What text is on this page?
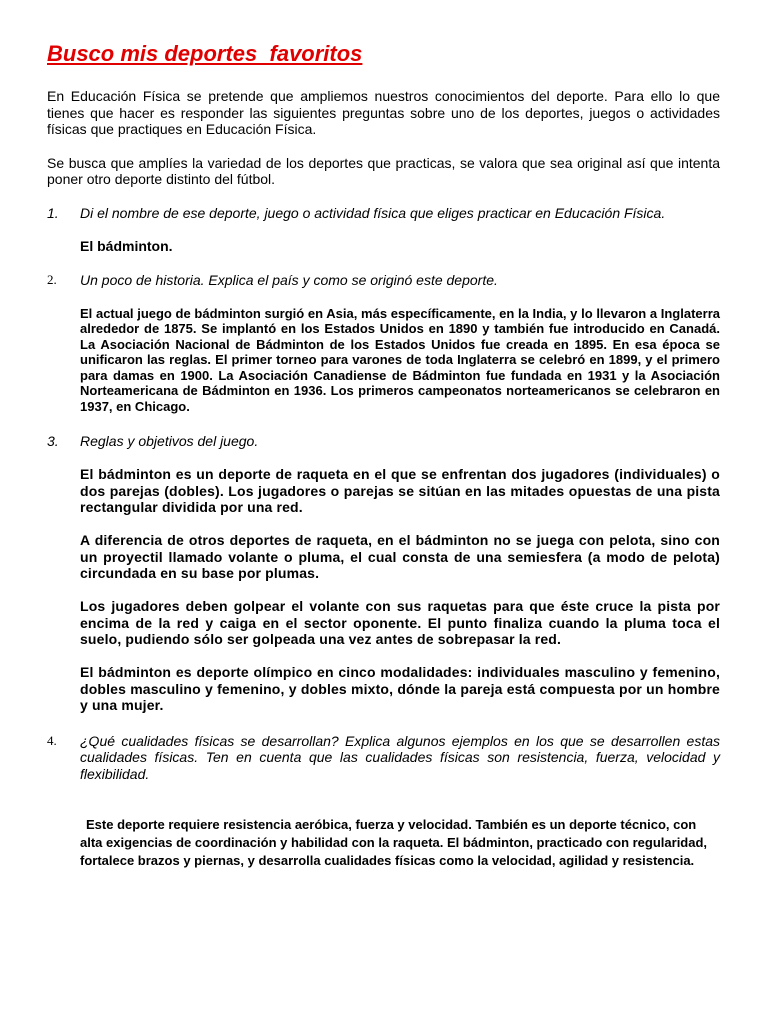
Busco mis deportes  favoritos

En Educación Física se pretende que ampliemos nuestros conocimientos del deporte. Para ello lo que tienes que hacer es responder las siguientes preguntas sobre uno de los deportes, juegos o actividades físicas que practiques en Educación Física.

Se busca que amplíes la variedad de los deportes que practicas, se valora que sea original así que intenta poner otro deporte distinto del fútbol.

1.	Di el nombre de ese deporte, juego o actividad física que eliges practicar en Educación Física.

El bádminton.

2.	Un poco de historia. Explica el país y como se originó este deporte.

El actual juego de bádminton surgió en Asia, más específicamente, en la India, y lo llevaron a Inglaterra alrededor de 1875. Se implantó en los Estados Unidos en 1890 y también fue introducido en Canadá. La Asociación Nacional de Bádminton de los Estados Unidos fue creada en 1895. En esa época se unificaron las reglas. El primer torneo para varones de toda Inglaterra se celebró en 1899, y el primero para damas en 1900. La Asociación Canadiense de Bádminton fue fundada en 1931 y la Asociación Norteamericana de Bádminton en 1936. Los primeros campeonatos norteamericanos se celebraron en 1937, en Chicago.

3.	Reglas y objetivos del juego.

El bádminton es un deporte de raqueta en el que se enfrentan dos jugadores (individuales) o dos parejas (dobles). Los jugadores o parejas se sitúan en las mitades opuestas de una pista rectangular dividida por una red.

A diferencia de otros deportes de raqueta, en el bádminton no se juega con pelota, sino con un proyectil llamado volante o pluma, el cual consta de una semiesfera (a modo de pelota) circundada en su base por plumas.

Los jugadores deben golpear el volante con sus raquetas para que éste cruce la pista por encima de la red y caiga en el sector oponente. El punto finaliza cuando la pluma toca el suelo, pudiendo sólo ser golpeada una vez antes de sobrepasar la red.

El bádminton es deporte olímpico en cinco modalidades: individuales masculino y femenino, dobles masculino y femenino, y dobles mixto, dónde la pareja está compuesta por un hombre y una mujer.

4.	¿Qué cualidades físicas se desarrollan? Explica algunos ejemplos en los que se desarrollen estas cualidades físicas. Ten en cuenta que las cualidades físicas son resistencia, fuerza, velocidad y flexibilidad.

Este deporte requiere resistencia aeróbica, fuerza y velocidad. También es un deporte técnico, con alta exigencias de coordinación y habilidad con la raqueta. El bádminton, practicado con regularidad, fortalece brazos y piernas, y desarrolla cualidades físicas como la velocidad, agilidad y resistencia.
